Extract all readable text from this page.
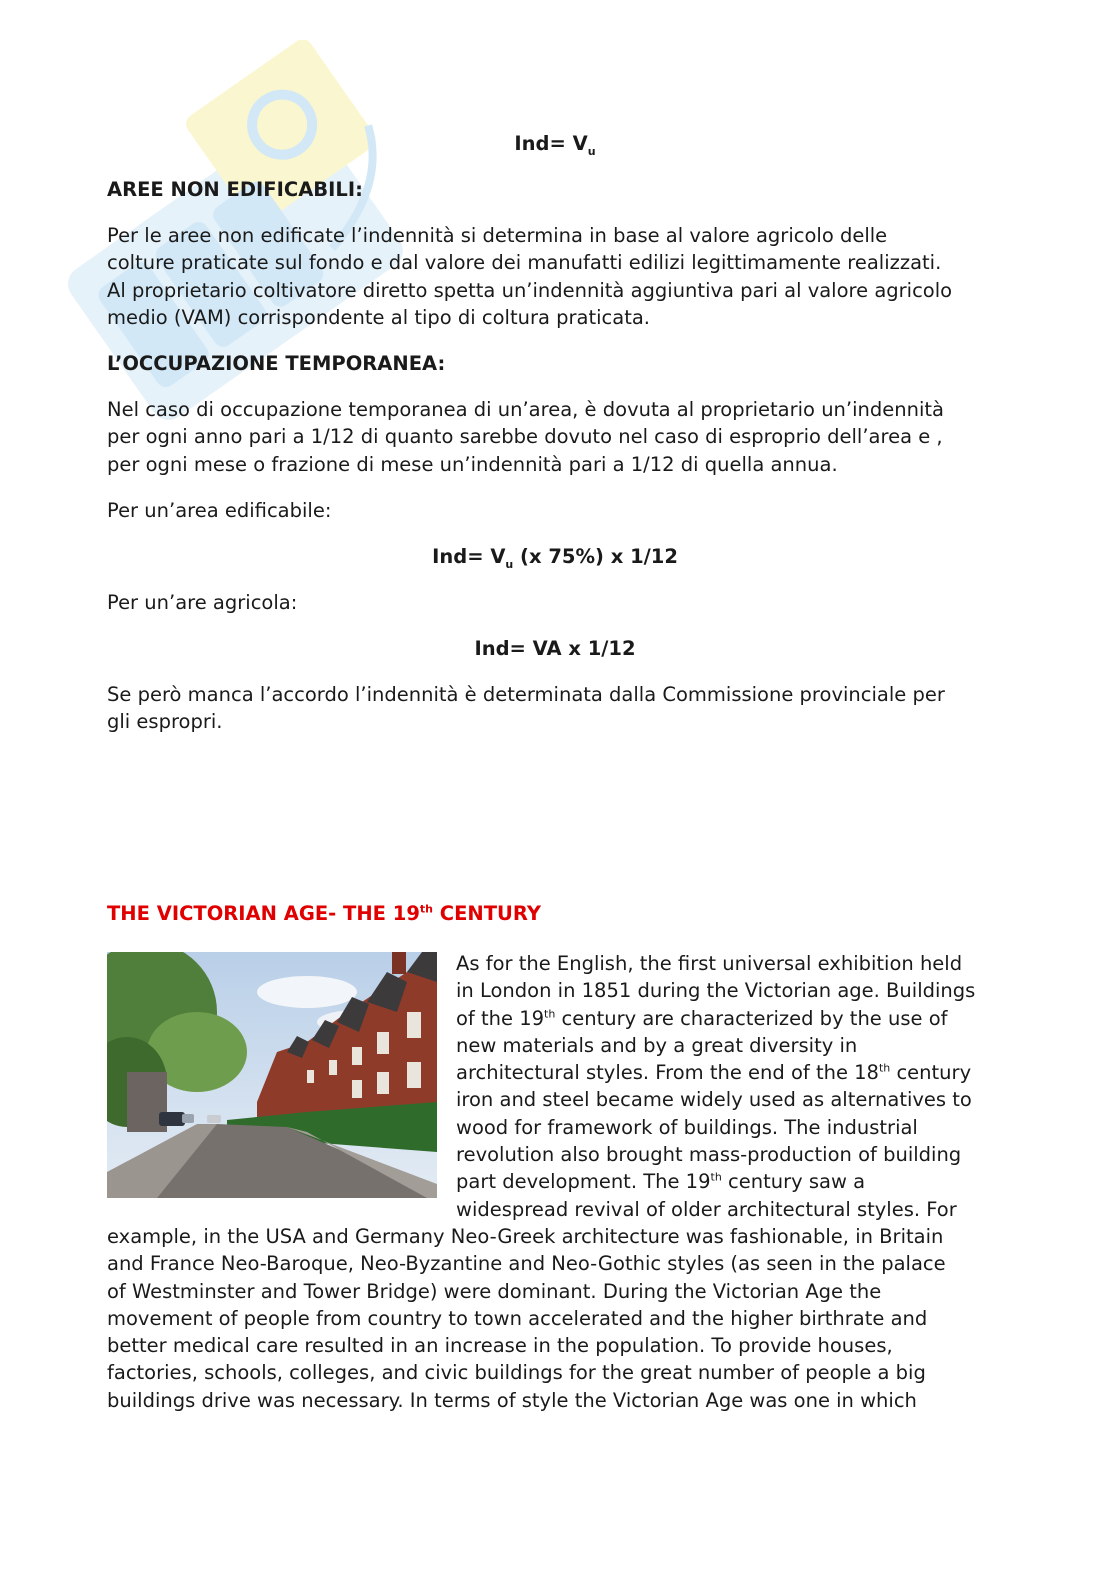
$Ind= V_u$
AREE NON EDIFICABILI:
Per le aree non edificate l’indennità si determina in base al valore agricolo delle
colture praticate sul fondo e dal valore dei manufatti edilizi legittimamente realizzati.
Al proprietario coltivatore diretto spetta un’indennità aggiuntiva pari al valore agricolo
medio (VAM) corrispondente al tipo di coltura praticata.
L’OCCUPAZIONE TEMPORANEA:
Nel caso di occupazione temporanea di un’area, è dovuta al proprietario un’indennità
per ogni anno pari a 1/12 di quanto sarebbe dovuto nel caso di esproprio dell’area e ,
per ogni mese o frazione di mese un’indennità pari a 1/12 di quella annua.
Per un’area edificabile:
$Ind= V_u$ (x 75%) x 1/12
Per un’are agricola:
Ind= VA x 1/12
Se però manca l’accordo l’indennità è determinata dalla Commissione provinciale per
gli espropri.
THE VICTORIAN AGE- THE 19th CENTURY
As for the English, the first universal exhibition held
in London in 1851 during the Victorian age. Buildings
of the 19th century are characterized by the use of
new materials and by a great diversity in
architectural styles. From the end of the 18th century
iron and steel became widely used as alternatives to
wood for framework of buildings. The industrial
revolution also brought mass-production of building
part development. The 19th century saw a
widespread revival of older architectural styles. For
example, in the USA and Germany Neo-Greek architecture was fashionable, in Britain
and France Neo-Baroque, Neo-Byzantine and Neo-Gothic styles (as seen in the palace
of Westminster and Tower Bridge) were dominant. During the Victorian Age the
movement of people from country to town accelerated and the higher birthrate and
better medical care resulted in an increase in the population. To provide houses,
factories, schools, colleges, and civic buildings for the great number of people a big
buildings drive was necessary. In terms of style the Victorian Age was one in which
